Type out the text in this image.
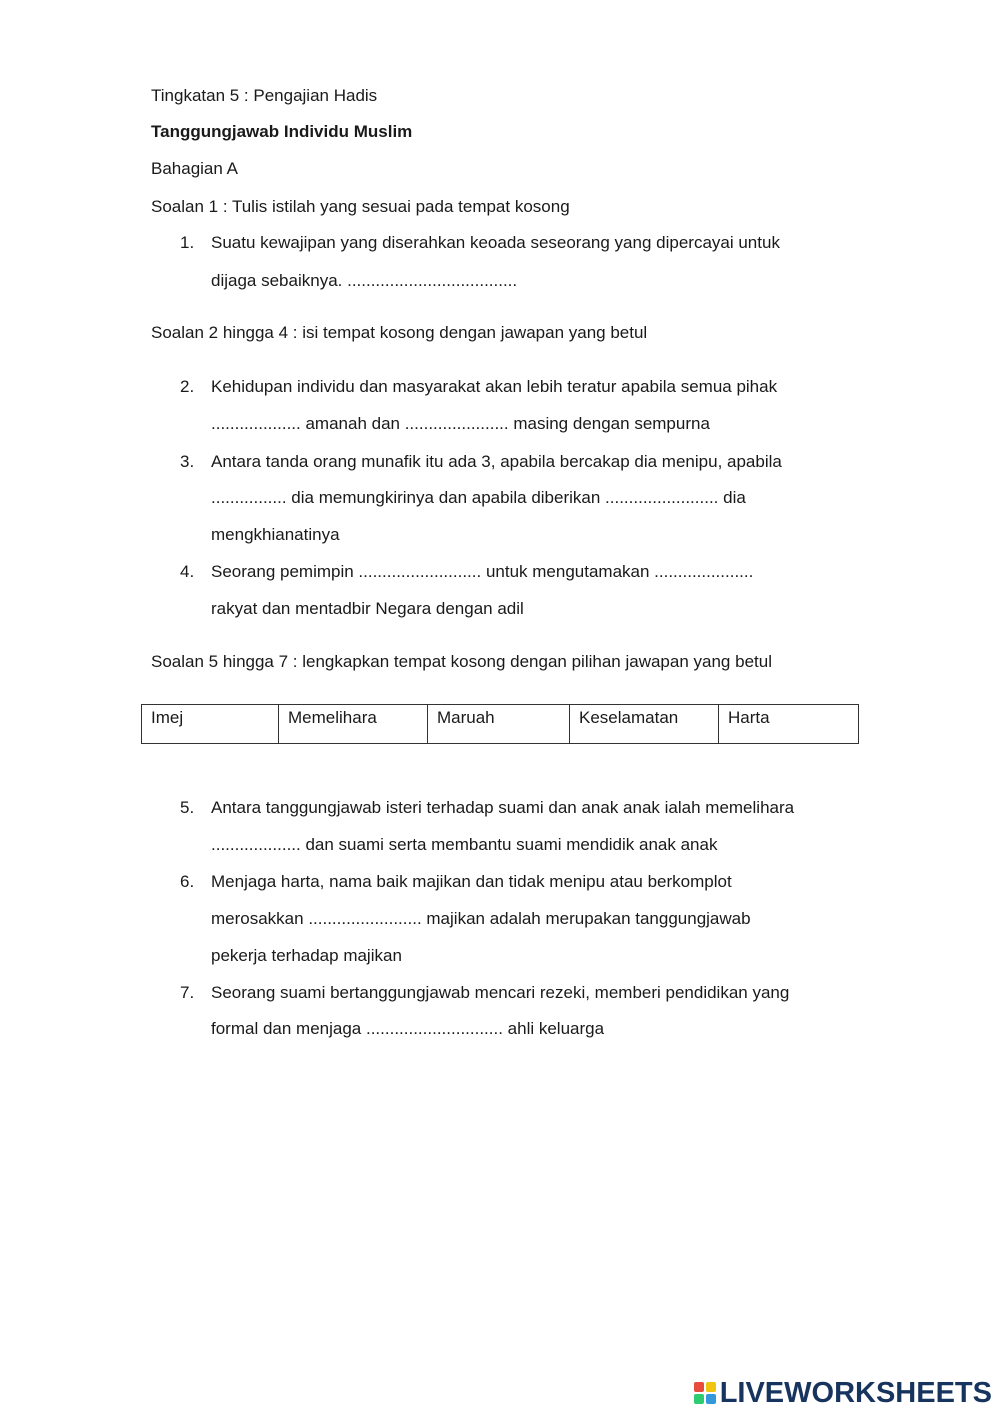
Tingkatan 5 : Pengajian Hadis
Tanggungjawab Individu Muslim
Bahagian A
Soalan 1 : Tulis istilah yang sesuai pada tempat kosong
1. Suatu kewajipan yang diserahkan keoada seseorang yang dipercayai untuk
dijaga sebaiknya. ....................................
Soalan 2 hingga 4 : isi tempat kosong dengan jawapan yang betul
2. Kehidupan individu dan masyarakat akan lebih teratur apabila semua pihak
................... amanah dan ...................... masing dengan sempurna
3. Antara tanda orang munafik itu ada 3, apabila bercakap dia menipu, apabila
................ dia memungkirinya dan apabila diberikan ........................ dia
mengkhianatinya
4. Seorang pemimpin .......................... untuk mengutamakan .....................
rakyat dan mentadbir Negara dengan adil
Soalan 5 hingga 7 : lengkapkan tempat kosong dengan pilihan jawapan yang betul
Imej	Memelihara	Maruah	Keselamatan	Harta
5. Antara tanggungjawab isteri terhadap suami dan anak anak ialah memelihara
................... dan suami serta membantu suami mendidik anak anak
6. Menjaga harta, nama baik majikan dan tidak menipu atau berkomplot
merosakkan ........................ majikan adalah merupakan tanggungjawab
pekerja terhadap majikan
7. Seorang suami bertanggungjawab mencari rezeki, memberi pendidikan yang
formal dan menjaga ............................. ahli keluarga
LIVEWORKSHEETS
